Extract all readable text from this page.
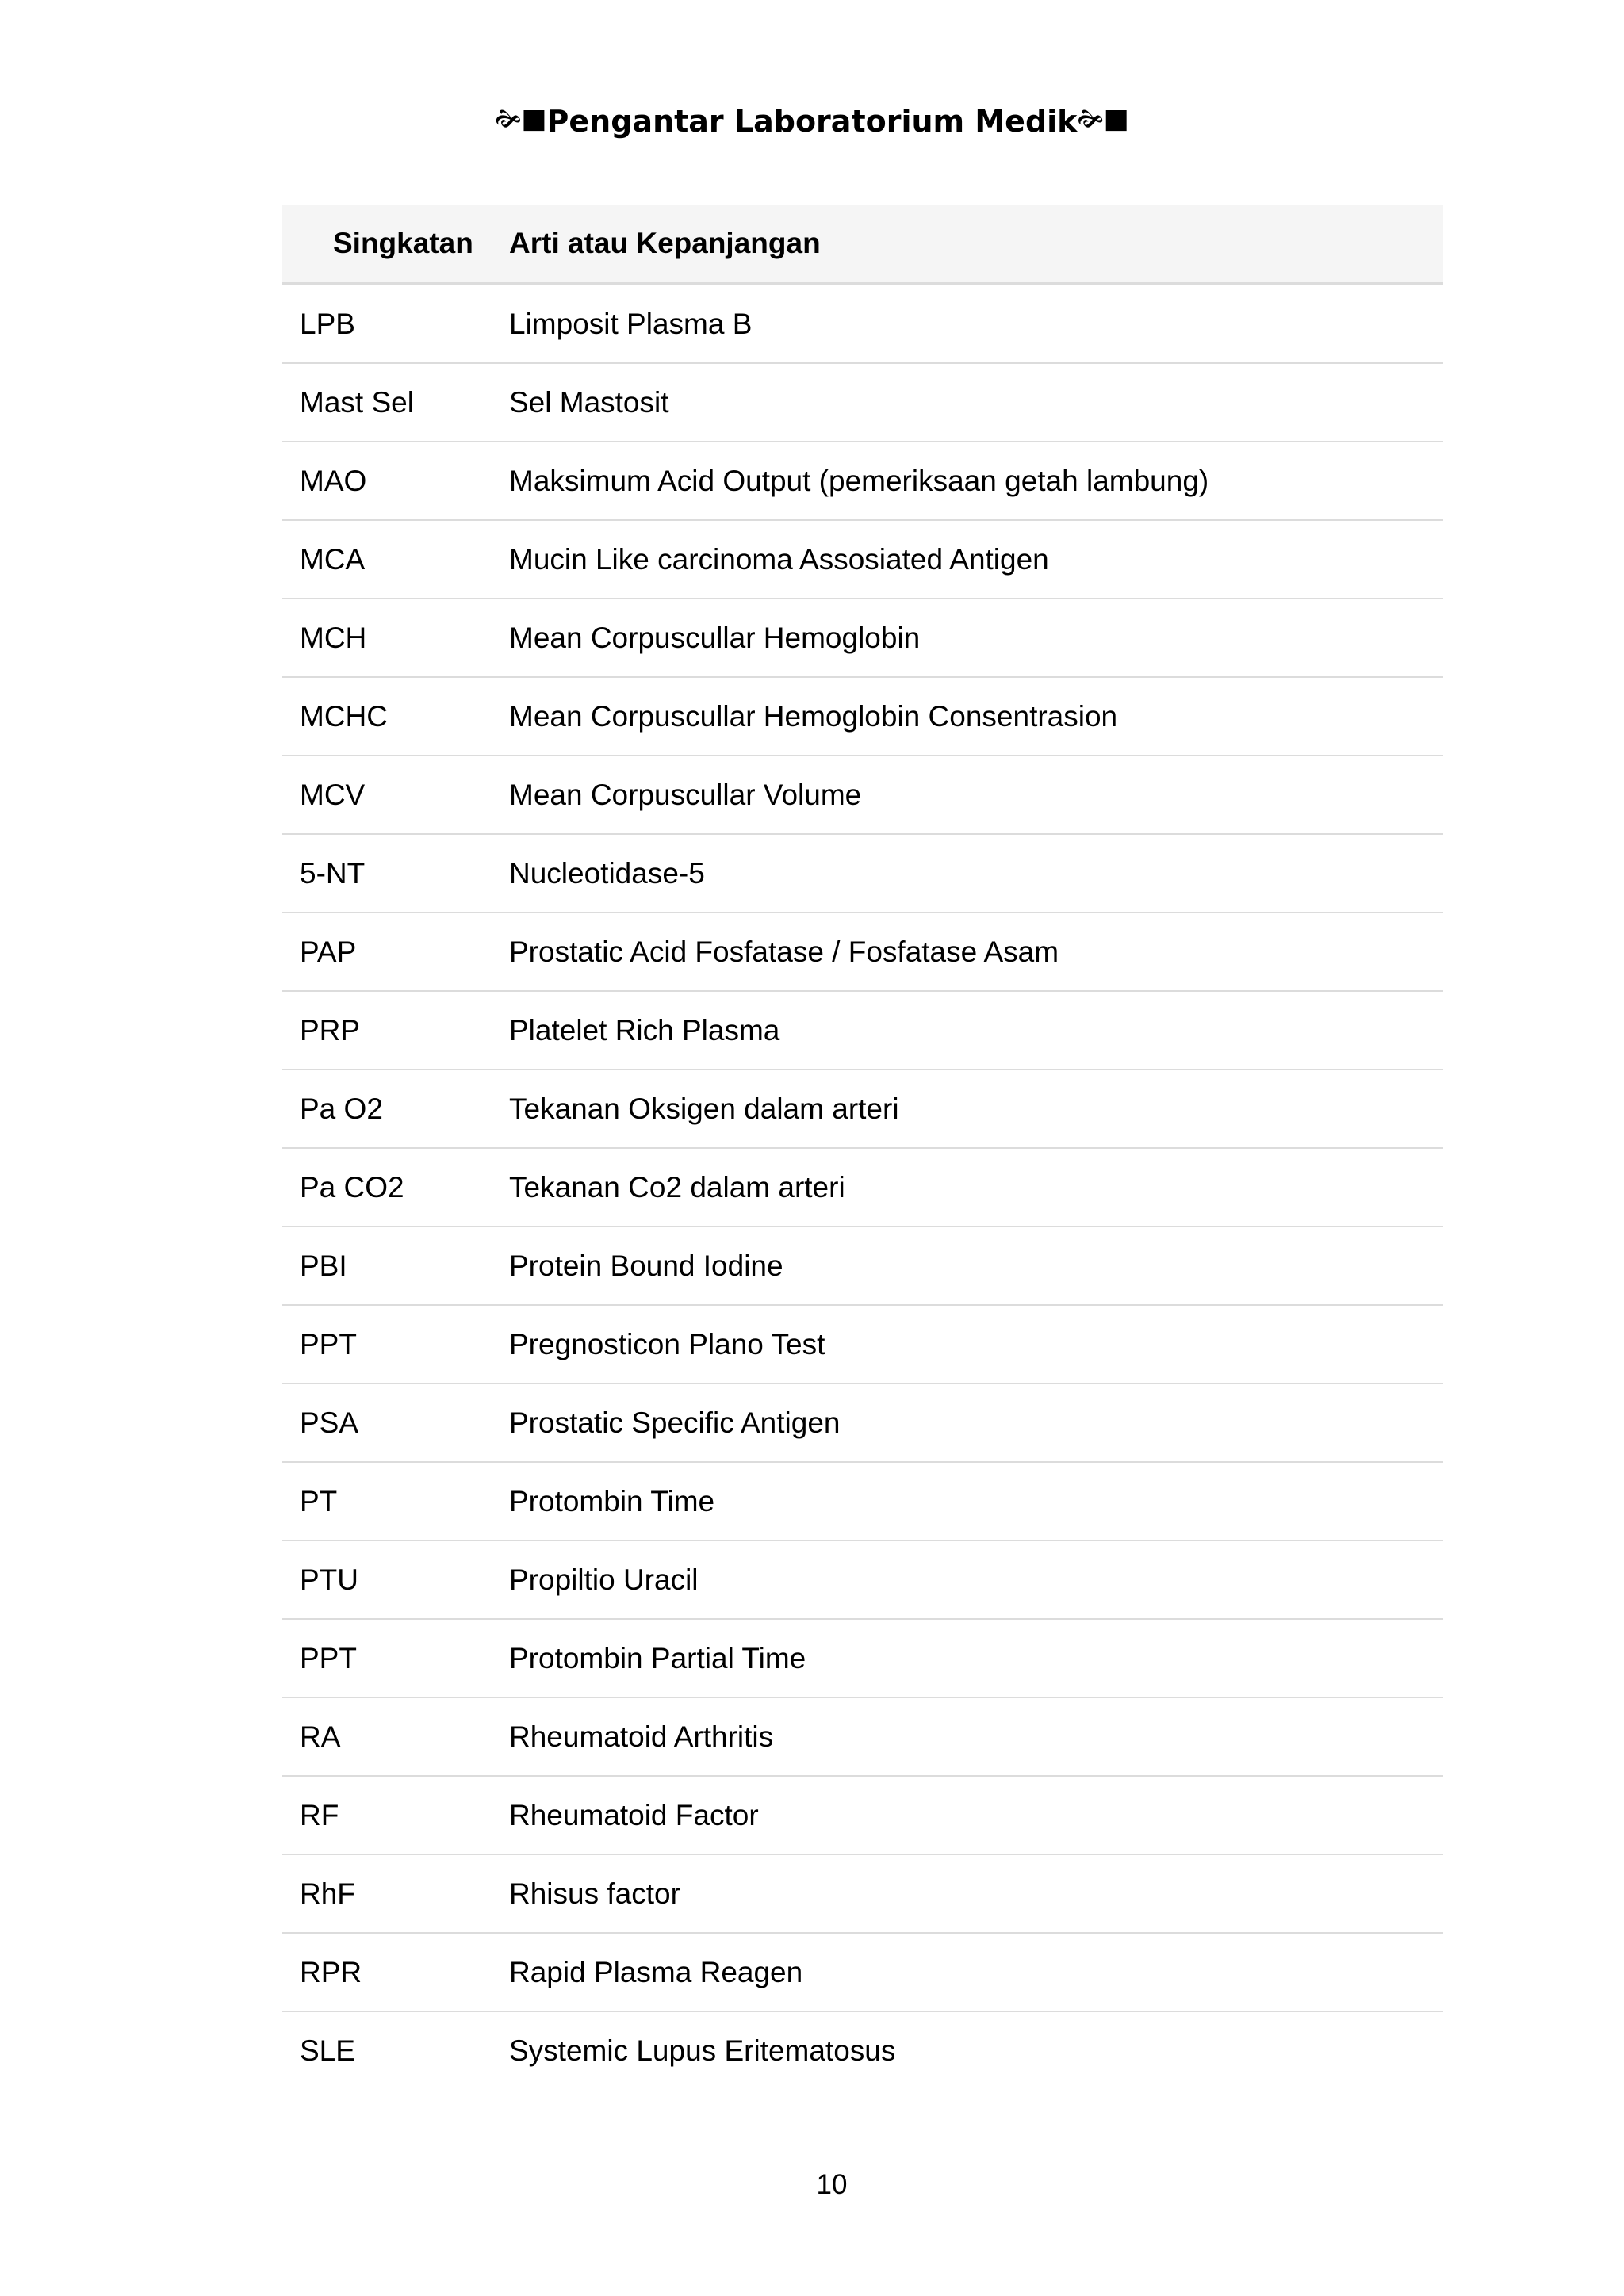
🙞■Pengantar Laboratorium Medik🙞■
Singkatan	Arti atau Kepanjangan
LPB	Limposit Plasma B
Mast Sel	Sel Mastosit
MAO	Maksimum Acid Output (pemeriksaan getah lambung)
MCA	Mucin Like carcinoma Assosiated Antigen
MCH	Mean Corpuscullar Hemoglobin
MCHC	Mean Corpuscullar Hemoglobin Consentrasion
MCV	Mean Corpuscullar Volume
5-NT	Nucleotidase-5
PAP	Prostatic Acid Fosfatase / Fosfatase Asam
PRP	Platelet Rich Plasma
Pa O2	Tekanan Oksigen dalam arteri
Pa CO2	Tekanan Co2 dalam arteri
PBI	Protein Bound Iodine
PPT	Pregnosticon Plano Test
PSA	Prostatic Specific Antigen
PT	Protombin Time
PTU	Propiltio Uracil
PPT	Protombin Partial Time
RA	Rheumatoid Arthritis
RF	Rheumatoid Factor
RhF	Rhisus factor
RPR	Rapid Plasma Reagen
SLE	Systemic Lupus Eritematosus
10
